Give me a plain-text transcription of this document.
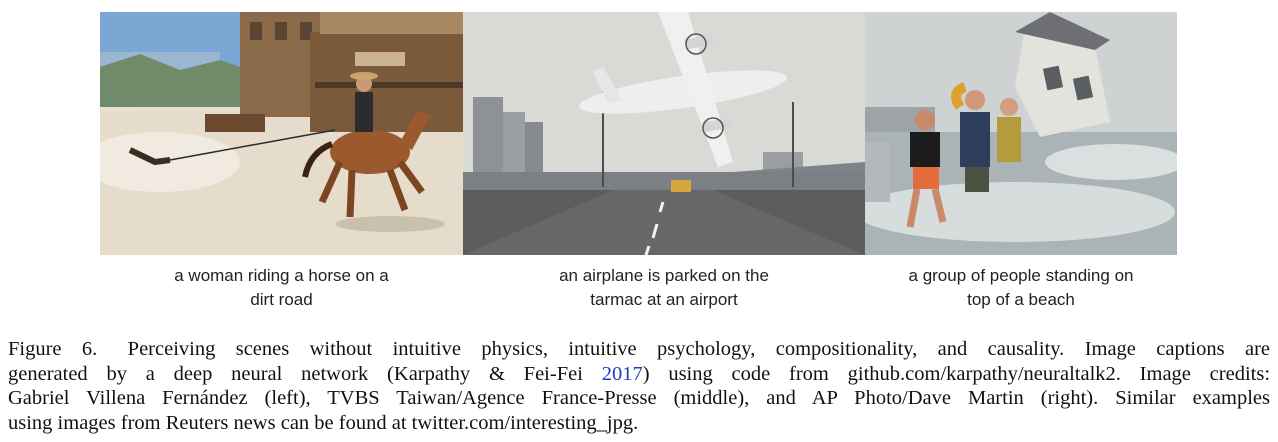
a woman riding a horse on a
dirt road
an airplane is parked on the
tarmac at an airport
a group of people standing on
top of a beach
Figure 6. Perceiving scenes without intuitive physics, intuitive psychology, compositionality, and causality. Image captions are
generated by a deep neural network (Karpathy & Fei-Fei 2017) using code from github.com/karpathy/neuraltalk2. Image credits:
Gabriel Villena Fernández (left), TVBS Taiwan/Agence France-Presse (middle), and AP Photo/Dave Martin (right). Similar examples
using images from Reuters news can be found at twitter.com/interesting_jpg.
